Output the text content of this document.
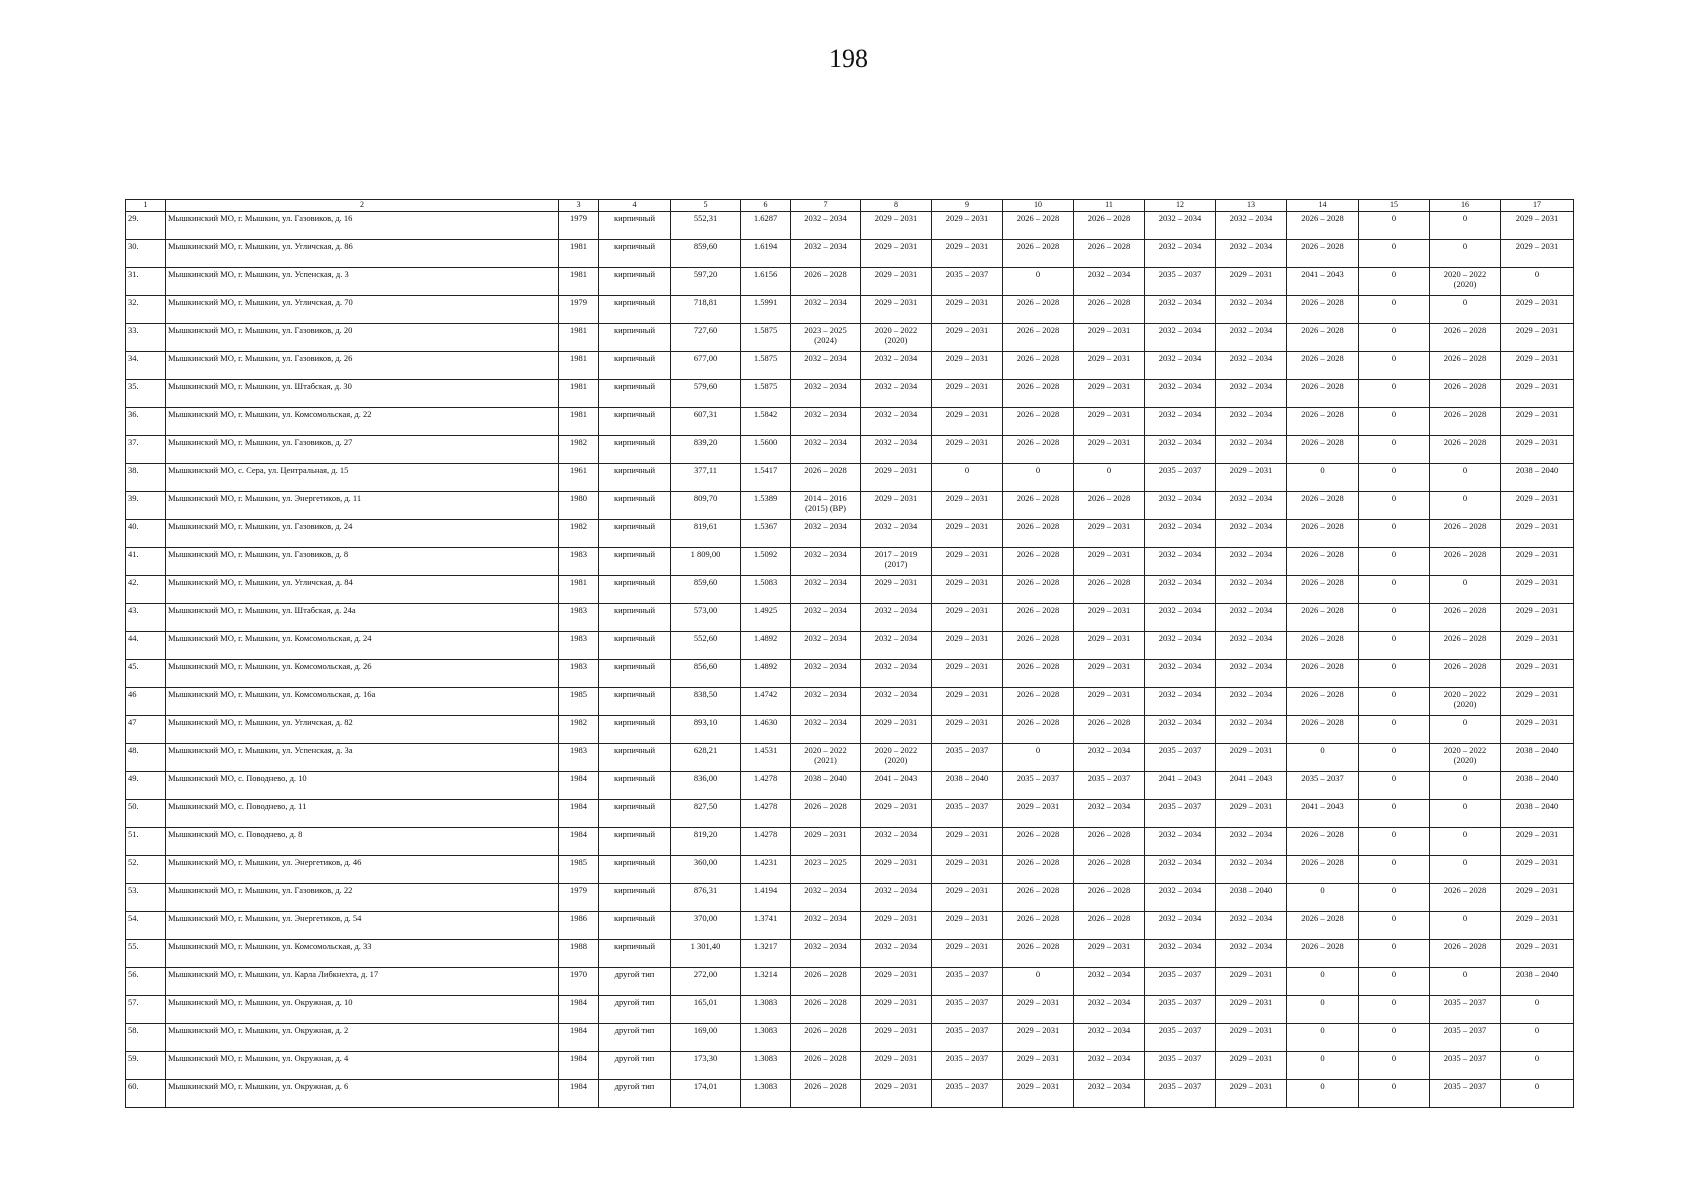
198
1	2	3	4	5	6	7	8	9	10	11	12	13	14	15	16	17
29.	Мышкинский МО, г. Мышкин, ул. Газовиков, д. 16	1979	кирпичный	552,31	1.6287	2032 – 2034	2029 – 2031	2029 – 2031	2026 – 2028	2026 – 2028	2032 – 2034	2032 – 2034	2026 – 2028	0	0	2029 – 2031
30.	Мышкинский МО, г. Мышкин, ул. Угличская, д. 86	1981	кирпичный	859,60	1.6194	2032 – 2034	2029 – 2031	2029 – 2031	2026 – 2028	2026 – 2028	2032 – 2034	2032 – 2034	2026 – 2028	0	0	2029 – 2031
31.	Мышкинский МО, г. Мышкин, ул. Успенская, д. 3	1981	кирпичный	597,20	1.6156	2026 – 2028	2029 – 2031	2035 – 2037	0	2032 – 2034	2035 – 2037	2029 – 2031	2041 – 2043	0	2020 – 2022
(2020)	0
32.	Мышкинский МО, г. Мышкин, ул. Угличская, д. 70	1979	кирпичный	718,81	1.5991	2032 – 2034	2029 – 2031	2029 – 2031	2026 – 2028	2026 – 2028	2032 – 2034	2032 – 2034	2026 – 2028	0	0	2029 – 2031
33.	Мышкинский МО, г. Мышкин, ул. Газовиков, д. 20	1981	кирпичный	727,60	1.5875	2023 – 2025
(2024)	2020 – 2022
(2020)	2029 – 2031	2026 – 2028	2029 – 2031	2032 – 2034	2032 – 2034	2026 – 2028	0	2026 – 2028	2029 – 2031
34.	Мышкинский МО, г. Мышкин, ул. Газовиков, д. 26	1981	кирпичный	677,00	1.5875	2032 – 2034	2032 – 2034	2029 – 2031	2026 – 2028	2029 – 2031	2032 – 2034	2032 – 2034	2026 – 2028	0	2026 – 2028	2029 – 2031
35.	Мышкинский МО, г. Мышкин, ул. Штабская, д. 30	1981	кирпичный	579,60	1.5875	2032 – 2034	2032 – 2034	2029 – 2031	2026 – 2028	2029 – 2031	2032 – 2034	2032 – 2034	2026 – 2028	0	2026 – 2028	2029 – 2031
36.	Мышкинский МО, г. Мышкин, ул. Комсомольская, д. 22	1981	кирпичный	607,31	1.5842	2032 – 2034	2032 – 2034	2029 – 2031	2026 – 2028	2029 – 2031	2032 – 2034	2032 – 2034	2026 – 2028	0	2026 – 2028	2029 – 2031
37.	Мышкинский МО, г. Мышкин, ул. Газовиков, д. 27	1982	кирпичный	839,20	1.5600	2032 – 2034	2032 – 2034	2029 – 2031	2026 – 2028	2029 – 2031	2032 – 2034	2032 – 2034	2026 – 2028	0	2026 – 2028	2029 – 2031
38.	Мышкинский МО, с. Сера, ул. Центральная, д. 15	1961	кирпичный	377,11	1.5417	2026 – 2028	2029 – 2031	0	0	0	2035 – 2037	2029 – 2031	0	0	0	2038 – 2040
39.	Мышкинский МО, г. Мышкин, ул. Энергетиков, д. 11	1980	кирпичный	809,70	1.5389	2014 – 2016
(2015) (ВР)	2029 – 2031	2029 – 2031	2026 – 2028	2026 – 2028	2032 – 2034	2032 – 2034	2026 – 2028	0	0	2029 – 2031
40.	Мышкинский МО, г. Мышкин, ул. Газовиков, д. 24	1982	кирпичный	819,61	1.5367	2032 – 2034	2032 – 2034	2029 – 2031	2026 – 2028	2029 – 2031	2032 – 2034	2032 – 2034	2026 – 2028	0	2026 – 2028	2029 – 2031
41.	Мышкинский МО, г. Мышкин, ул. Газовиков, д. 8	1983	кирпичный	1 809,00	1.5092	2032 – 2034	2017 – 2019
(2017)	2029 – 2031	2026 – 2028	2029 – 2031	2032 – 2034	2032 – 2034	2026 – 2028	0	2026 – 2028	2029 – 2031
42.	Мышкинский МО, г. Мышкин, ул. Угличская, д. 84	1981	кирпичный	859,60	1.5083	2032 – 2034	2029 – 2031	2029 – 2031	2026 – 2028	2026 – 2028	2032 – 2034	2032 – 2034	2026 – 2028	0	0	2029 – 2031
43.	Мышкинский МО, г. Мышкин, ул. Штабская, д. 24а	1983	кирпичный	573,00	1.4925	2032 – 2034	2032 – 2034	2029 – 2031	2026 – 2028	2029 – 2031	2032 – 2034	2032 – 2034	2026 – 2028	0	2026 – 2028	2029 – 2031
44.	Мышкинский МО, г. Мышкин, ул. Комсомольская, д. 24	1983	кирпичный	552,60	1.4892	2032 – 2034	2032 – 2034	2029 – 2031	2026 – 2028	2029 – 2031	2032 – 2034	2032 – 2034	2026 – 2028	0	2026 – 2028	2029 – 2031
45.	Мышкинский МО, г. Мышкин, ул. Комсомольская, д. 26	1983	кирпичный	856,60	1.4892	2032 – 2034	2032 – 2034	2029 – 2031	2026 – 2028	2029 – 2031	2032 – 2034	2032 – 2034	2026 – 2028	0	2026 – 2028	2029 – 2031
46	Мышкинский МО, г. Мышкин, ул. Комсомольская, д. 16а	1985	кирпичный	838,50	1.4742	2032 – 2034	2032 – 2034	2029 – 2031	2026 – 2028	2029 – 2031	2032 – 2034	2032 – 2034	2026 – 2028	0	2020 – 2022
(2020)	2029 – 2031
47	Мышкинский МО, г. Мышкин, ул. Угличская, д. 82	1982	кирпичный	893,10	1.4630	2032 – 2034	2029 – 2031	2029 – 2031	2026 – 2028	2026 – 2028	2032 – 2034	2032 – 2034	2026 – 2028	0	0	2029 – 2031
48.	Мышкинский МО, г. Мышкин, ул. Успенская, д. 3а	1983	кирпичный	628,21	1.4531	2020 – 2022
(2021)	2020 – 2022
(2020)	2035 – 2037	0	2032 – 2034	2035 – 2037	2029 – 2031	0	0	2020 – 2022
(2020)	2038 – 2040
49.	Мышкинский МО, с. Поводнево, д. 10	1984	кирпичный	836,00	1.4278	2038 – 2040	2041 – 2043	2038 – 2040	2035 – 2037	2035 – 2037	2041 – 2043	2041 – 2043	2035 – 2037	0	0	2038 – 2040
50.	Мышкинский МО, с. Поводнево, д. 11	1984	кирпичный	827,50	1.4278	2026 – 2028	2029 – 2031	2035 – 2037	2029 – 2031	2032 – 2034	2035 – 2037	2029 – 2031	2041 – 2043	0	0	2038 – 2040
51.	Мышкинский МО, с. Поводнево, д. 8	1984	кирпичный	819,20	1.4278	2029 – 2031	2032 – 2034	2029 – 2031	2026 – 2028	2026 – 2028	2032 – 2034	2032 – 2034	2026 – 2028	0	0	2029 – 2031
52.	Мышкинский МО, г. Мышкин, ул. Энергетиков, д. 46	1985	кирпичный	360,00	1.4231	2023 – 2025	2029 – 2031	2029 – 2031	2026 – 2028	2026 – 2028	2032 – 2034	2032 – 2034	2026 – 2028	0	0	2029 – 2031
53.	Мышкинский МО, г. Мышкин, ул. Газовиков, д. 22	1979	кирпичный	876,31	1.4194	2032 – 2034	2032 – 2034	2029 – 2031	2026 – 2028	2026 – 2028	2032 – 2034	2038 – 2040	0	0	2026 – 2028	2029 – 2031
54.	Мышкинский МО, г. Мышкин, ул. Энергетиков, д. 54	1986	кирпичный	370,00	1.3741	2032 – 2034	2029 – 2031	2029 – 2031	2026 – 2028	2026 – 2028	2032 – 2034	2032 – 2034	2026 – 2028	0	0	2029 – 2031
55.	Мышкинский МО, г. Мышкин, ул. Комсомольская, д. 33	1988	кирпичный	1 301,40	1.3217	2032 – 2034	2032 – 2034	2029 – 2031	2026 – 2028	2029 – 2031	2032 – 2034	2032 – 2034	2026 – 2028	0	2026 – 2028	2029 – 2031
56.	Мышкинский МО, г. Мышкин, ул. Карла Либкнехта, д. 17	1970	другой тип	272,00	1.3214	2026 – 2028	2029 – 2031	2035 – 2037	0	2032 – 2034	2035 – 2037	2029 – 2031	0	0	0	2038 – 2040
57.	Мышкинский МО, г. Мышкин, ул. Окружная, д. 10	1984	другой тип	165,01	1.3083	2026 – 2028	2029 – 2031	2035 – 2037	2029 – 2031	2032 – 2034	2035 – 2037	2029 – 2031	0	0	2035 – 2037	0
58.	Мышкинский МО, г. Мышкин, ул. Окружная, д. 2	1984	другой тип	169,00	1.3083	2026 – 2028	2029 – 2031	2035 – 2037	2029 – 2031	2032 – 2034	2035 – 2037	2029 – 2031	0	0	2035 – 2037	0
59.	Мышкинский МО, г. Мышкин, ул. Окружная, д. 4	1984	другой тип	173,30	1.3083	2026 – 2028	2029 – 2031	2035 – 2037	2029 – 2031	2032 – 2034	2035 – 2037	2029 – 2031	0	0	2035 – 2037	0
60.	Мышкинский МО, г. Мышкин, ул. Окружная, д. 6	1984	другой тип	174,01	1.3083	2026 – 2028	2029 – 2031	2035 – 2037	2029 – 2031	2032 – 2034	2035 – 2037	2029 – 2031	0	0	2035 – 2037	0
